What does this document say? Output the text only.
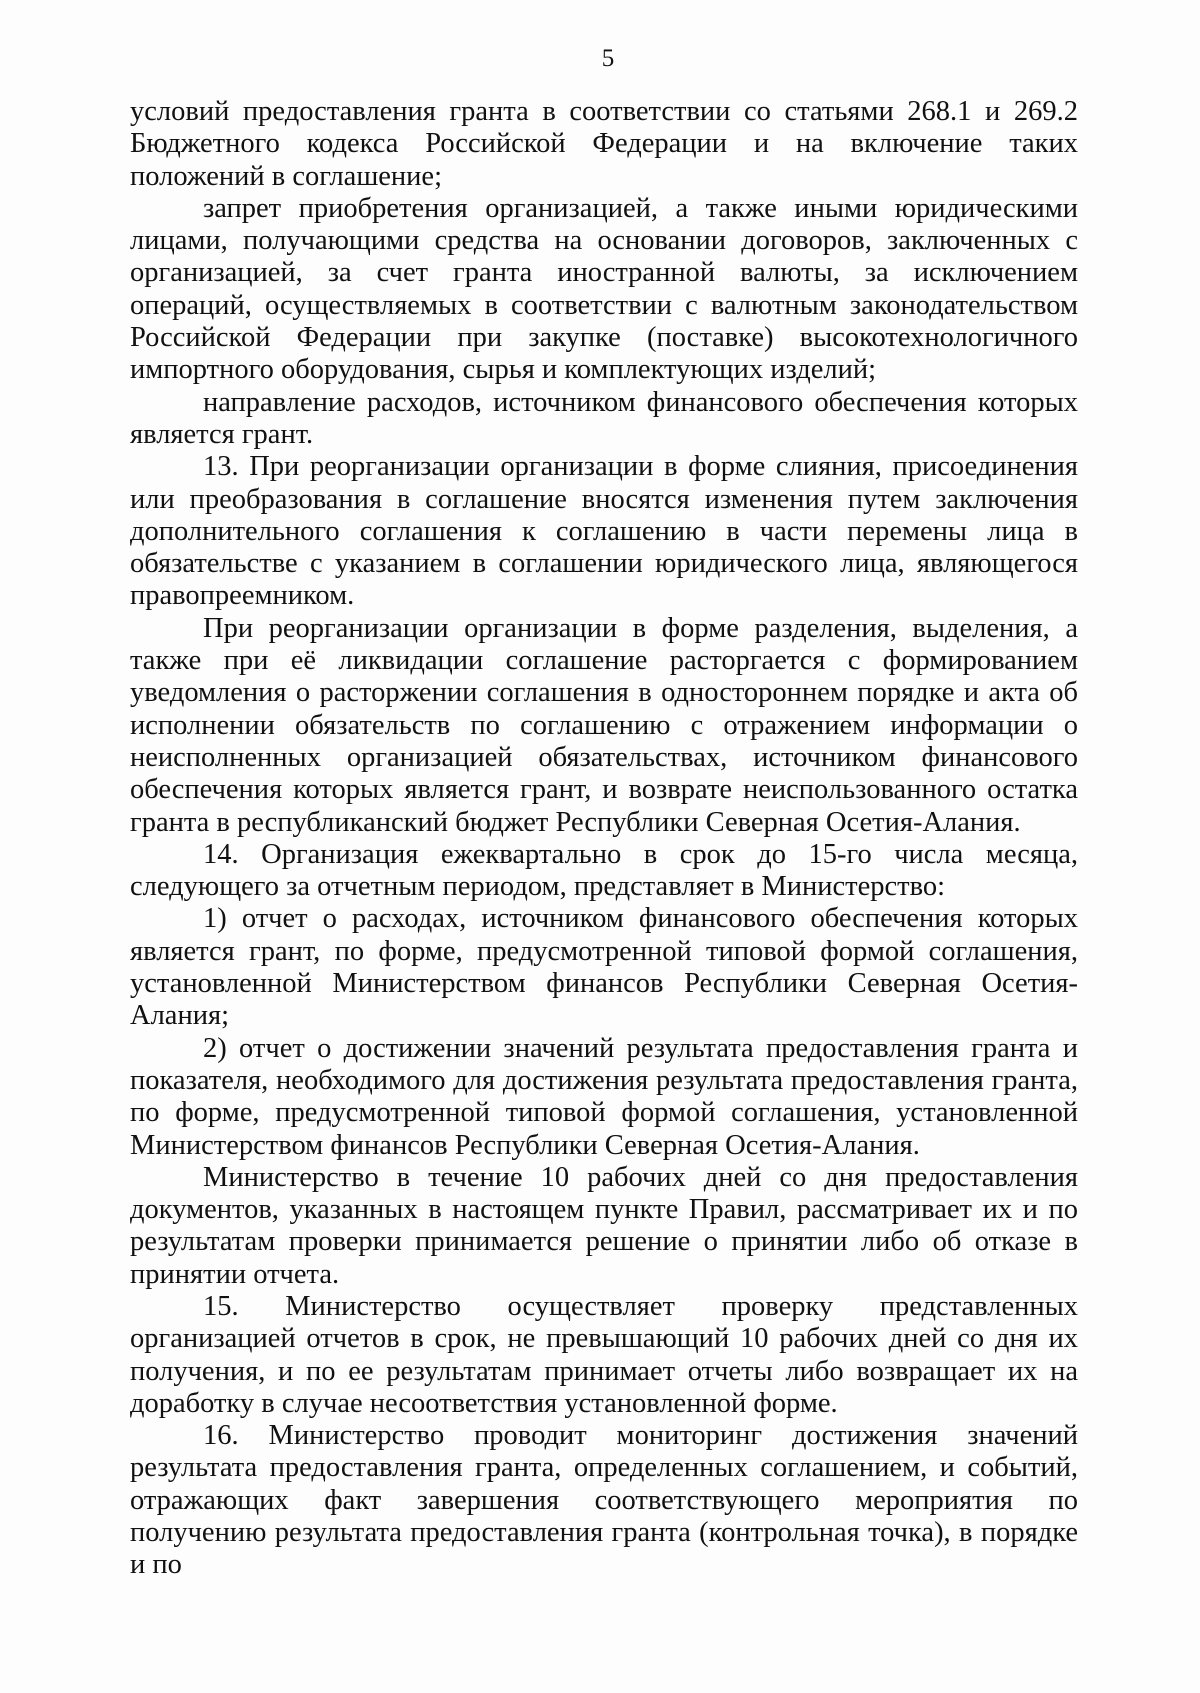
5

условий предоставления гранта в соответствии со статьями 268.1 и 269.2 Бюджетного кодекса Российской Федерации и на включение таких положений в соглашение;

запрет приобретения организацией, а также иными юридическими лицами, получающими средства на основании договоров, заключенных с организацией, за счет гранта иностранной валюты, за исключением операций, осуществляемых в соответствии с валютным законодательством Российской Федерации при закупке (поставке) высокотехнологичного импортного оборудования, сырья и комплектующих изделий;

направление расходов, источником финансового обеспечения которых является грант.

13. При реорганизации организации в форме слияния, присоединения или преобразования в соглашение вносятся изменения путем заключения дополнительного соглашения к соглашению в части перемены лица в обязательстве с указанием в соглашении юридического лица, являющегося правопреемником.

При реорганизации организации в форме разделения, выделения, а также при её ликвидации соглашение расторгается с формированием уведомления о расторжении соглашения в одностороннем порядке и акта об исполнении обязательств по соглашению с отражением информации о неисполненных организацией обязательствах, источником финансового обеспечения которых является грант, и возврате неиспользованного остатка гранта в республиканский бюджет Республики Северная Осетия-Алания.

14. Организация ежеквартально в срок до 15-го числа месяца, следующего за отчетным периодом, представляет в Министерство:

1) отчет о расходах, источником финансового обеспечения которых является грант, по форме, предусмотренной типовой формой соглашения, установленной Министерством финансов Республики Северная Осетия-Алания;

2) отчет о достижении значений результата предоставления гранта и показателя, необходимого для достижения результата предоставления гранта, по форме, предусмотренной типовой формой соглашения, установленной Министерством финансов Республики Северная Осетия-Алания.

Министерство в течение 10 рабочих дней со дня предоставления документов, указанных в настоящем пункте Правил, рассматривает их и по результатам проверки принимается решение о принятии либо об отказе в принятии отчета.

15. Министерство осуществляет проверку представленных организацией отчетов в срок, не превышающий 10 рабочих дней со дня их получения, и по ее результатам принимает отчеты либо возвращает их на доработку в случае несоответствия установленной форме.

16. Министерство проводит мониторинг достижения значений результата предоставления гранта, определенных соглашением, и событий, отражающих факт завершения соответствующего мероприятия по получению результата предоставления гранта (контрольная точка), в порядке и по
